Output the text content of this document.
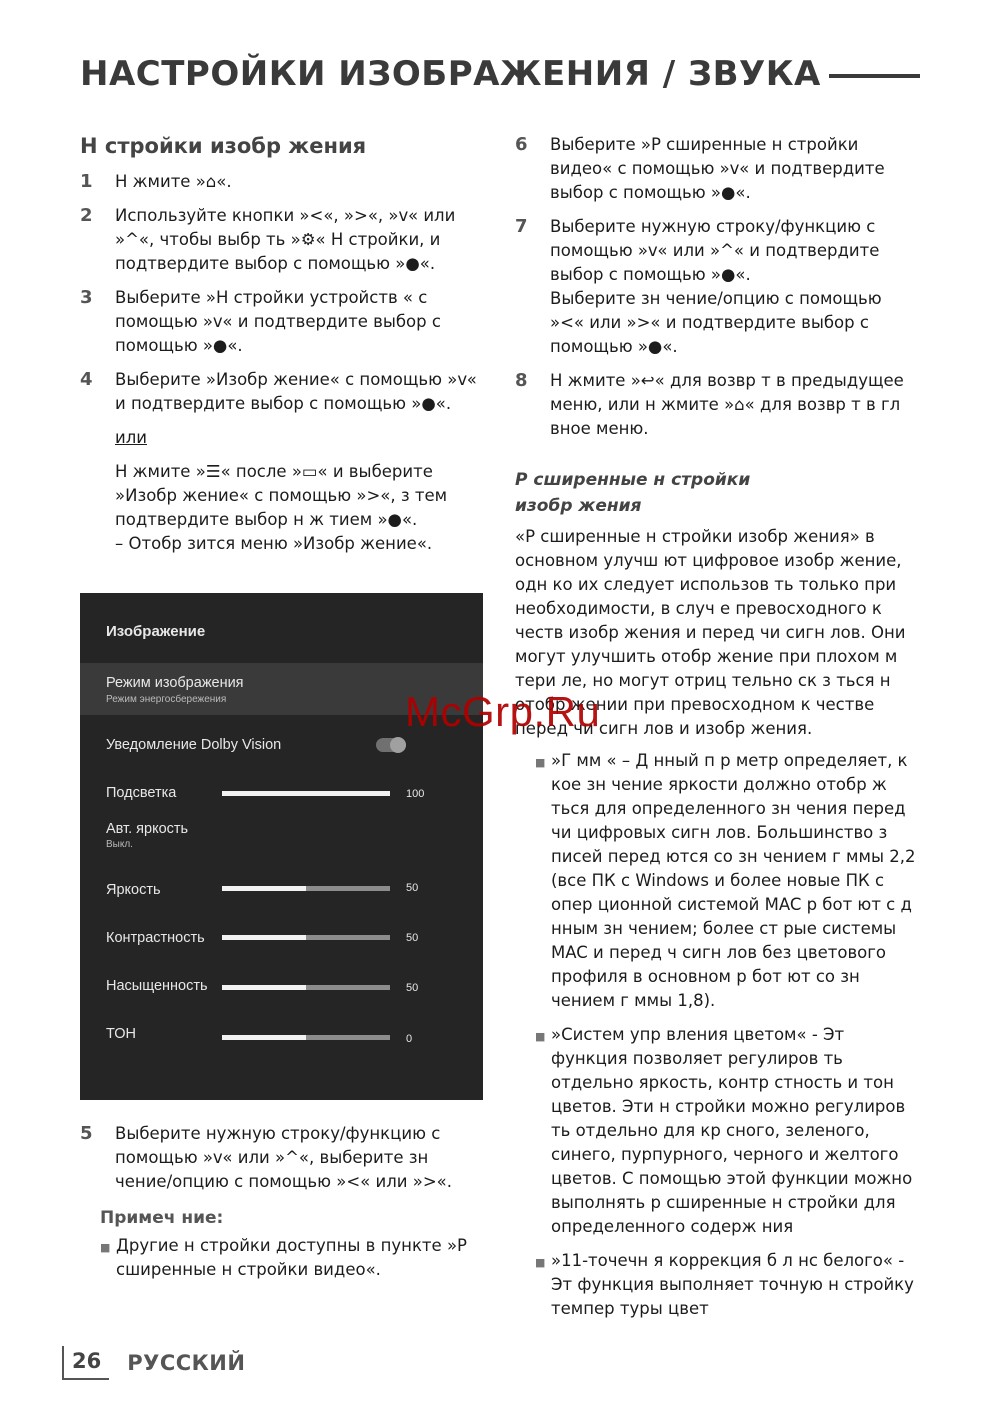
НАСТРОЙКИ ИЗОБРАЖЕНИЯ / ЗВУКА
Н стройки изобр жения
1	Н жмите »⌂«.
2	Используйте кнопки »<«, »>«, »v« или »^«, чтобы выбр ть »⚙« Н стройки, и подтвердите выбор с помощью »●«.
3	Выберите »Н стройки устройств « с помощью »v« и подтвердите выбор с помощью »●«.
4	Выберите »Изобр жение« с помощью »v« и подтвердите выбор с помощью »●«.
или
Н жмите »☰« после »▭« и выберите »Изобр жение« с помощью »>«, з тем подтвердите выбор н ж тием »●«.
– Отобр зится меню »Изобр жение«.
Изображение
Режим изображения
Режим энергосбережения
Уведомление Dolby Vision
Подсветка	100
Авт. яркость
Выкл.
Яркость	50
Контрастность	50
Насыщенность	50
ТОН	0
5	Выберите нужную строку/функцию с помощью »v« или »^«, выберите зн чение/опцию с помощью »<« или »>«.
Примеч ние:
■ Другие н стройки доступны в пункте »Р сширенные н стройки видео«.
6	Выберите »Р сширенные н стройки видео« с помощью »v« и подтвердите выбор с помощью »●«.
7	Выберите нужную строку/функцию с помощью »v« или »^« и подтвердите выбор с помощью »●«.
Выберите зн чение/опцию с помощью »<« или »>« и подтвердите выбор с помощью »●«.
8	Н жмите »↩« для возвр т в предыдущее меню, или н жмите »⌂« для возвр т в гл вное меню.
Р сширенные н стройки
изобр жения
«Р сширенные н стройки изобр жения» в основном улучш ют цифровое изобр жение, одн ко их следует использов ть только при необходимости, в случ е превосходного к честв изобр жения и перед чи сигн лов. Они могут улучшить отобр жение при плохом м тери ле, но могут отриц тельно ск з ться н отобр жении при превосходном к честве перед чи сигн лов и изобр жения.
■ »Г мм « – Д нный п р метр определяет, к кое зн чение яркости должно отобр ж ться для определенного зн чения перед чи цифровых сигн лов. Большинство з писей перед ются со зн чением г ммы 2,2 (все ПК с Windows и более новые ПК с опер ционной системой MAC р бот ют с д нным зн чением; более ст рые системы MAC и перед ч сигн лов без цветового профиля в основном р бот ют со зн чением г ммы 1,8).
■ »Систем упр вления цветом« - Эт функция позволяет регулиров ть отдельно яркость, контр стность и тон цветов. Эти н стройки можно регулиров ть отдельно для кр сного, зеленого, синего, пурпурного, черного и желтого цветов. С помощью этой функции можно выполнять р сширенные н стройки для определенного содерж ния
■ »11-точечн я коррекция б л нс белого« - Эт функция выполняет точную н стройку темпер туры цвет
McGrp.Ru
26 РУССКИЙ
